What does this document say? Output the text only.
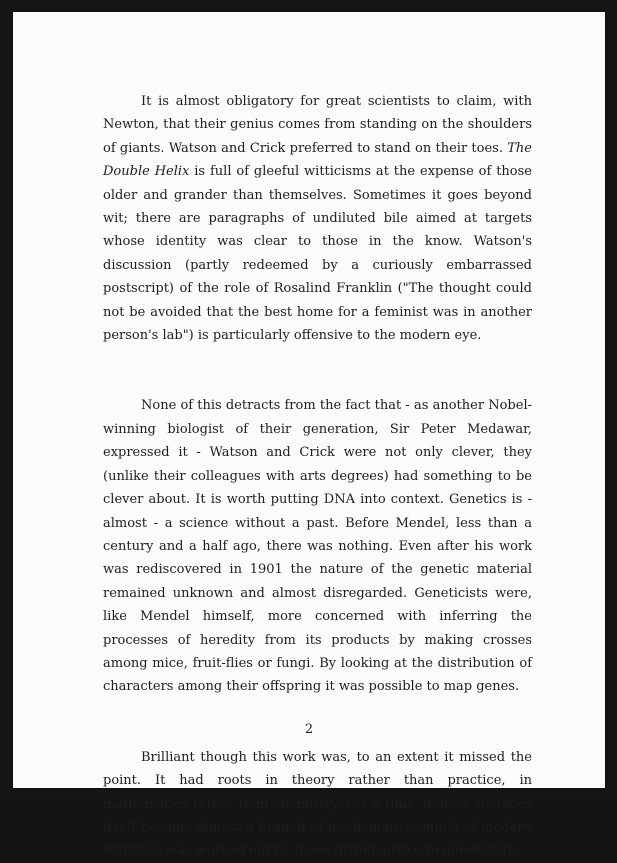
It is almost obligatory for great scientists to claim, with Newton, that their genius comes from standing on the shoulders of giants. Watson and Crick preferred to stand on their toes. The Double Helix is full of gleeful witticisms at the expense of those older and grander than themselves. Sometimes it goes beyond wit; there are paragraphs of undiluted bile aimed at targets whose identity was clear to those in the know. Watson's discussion (partly redeemed by a curiously embarrassed postscript) of the role of Rosalind Franklin ("The thought could not be avoided that the best home for a feminist was in another person's lab") is particularly offensive to the modern eye.

None of this detracts from the fact that - as another Nobel-winning biologist of their generation, Sir Peter Medawar, expressed it - Watson and Crick were not only clever, they (unlike their colleagues with arts degrees) had something to be clever about. It is worth putting DNA into context. Genetics is - almost - a science without a past. Before Mendel, less than a century and a half ago, there was nothing. Even after his work was rediscovered in 1901 the nature of the genetic material remained unknown and almost disregarded. Geneticists were, like Mendel himself, more concerned with inferring the processes of heredity from its products by making crosses among mice, fruit-flies or fungi. By looking at the distribution of characters among their offspring it was possible to map genes.

Brilliant though this work was, to an extent it missed the point. It had roots in theory rather than practice, in mathematics rather than chemistry. For a time, indeed, genetics itself became almost a branch of mathematics; much of modern statistics was worked out by those giving advice to geneticists.

2
